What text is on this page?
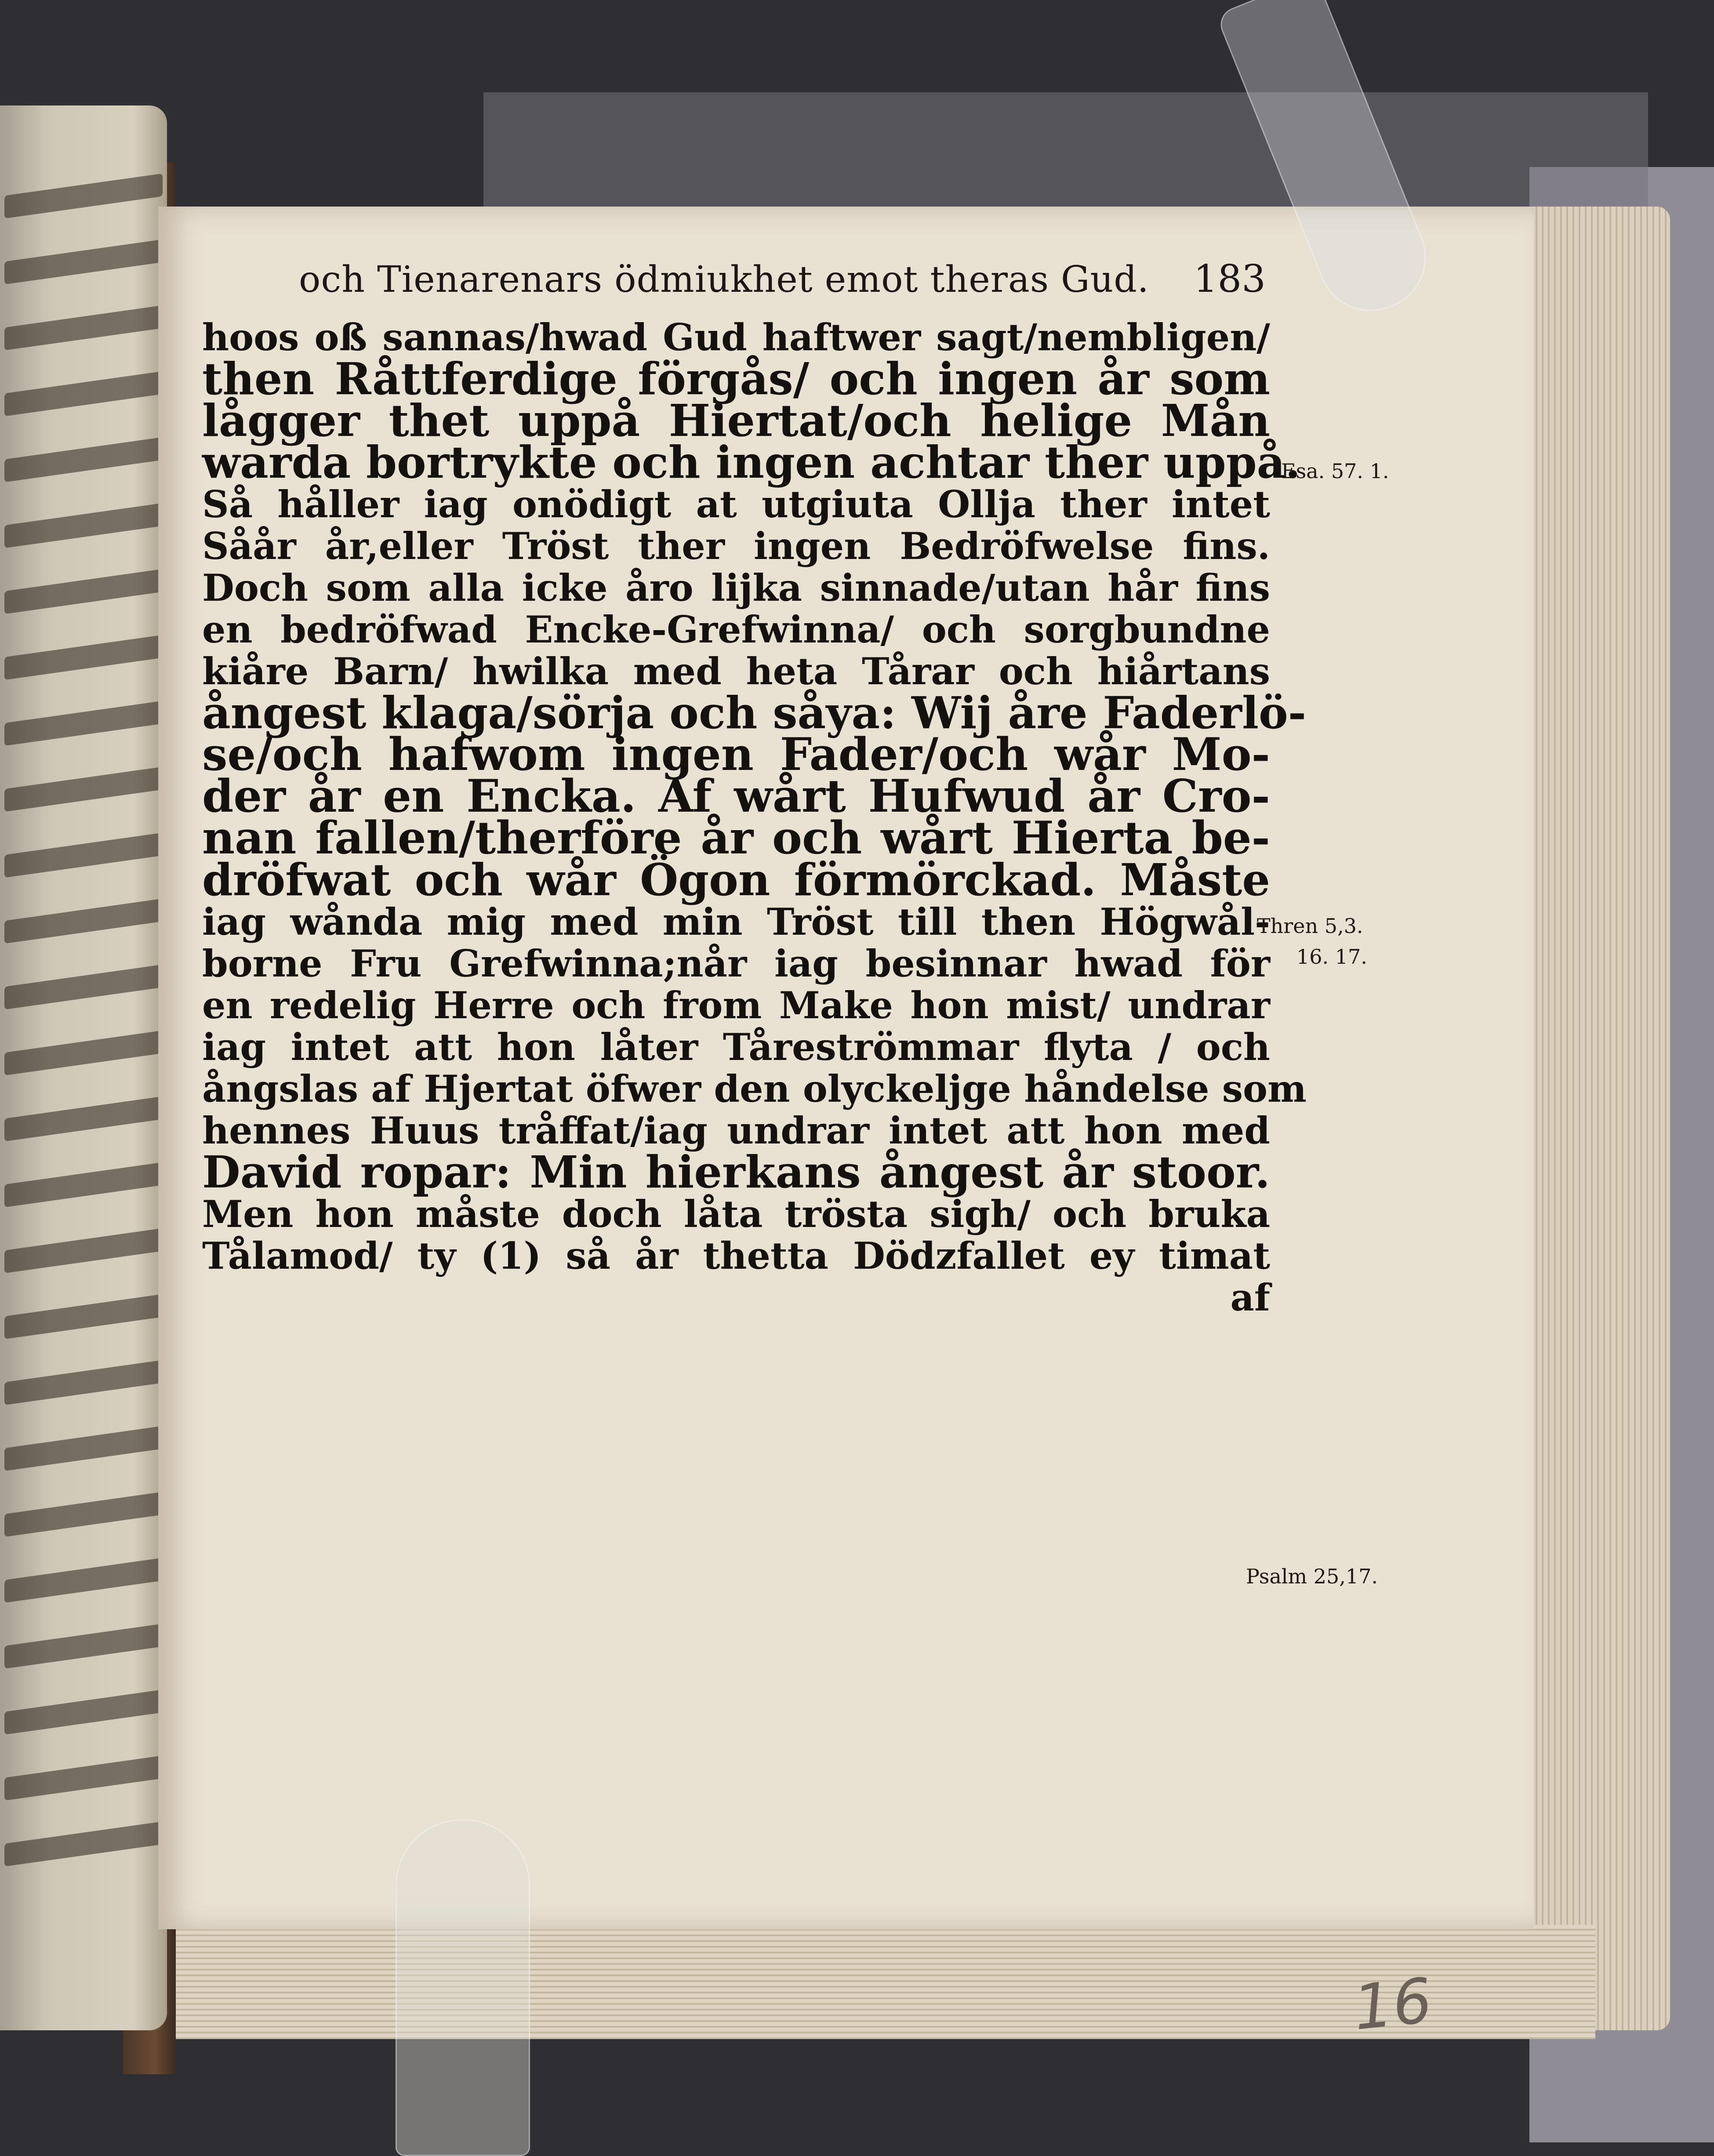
och Tienarenars ödmiukhet emot theras Gud. 183
hoos oß sannas/hwad Gud haftwer sagt/nembligen/
then Råttferdige förgås/ och ingen år som
lågger thet uppå Hiertat/och helige Mån
warda bortrykte och ingen achtar ther uppå.
Så håller iag onödigt at utgiuta Ollja ther intet
Såår år,eller Tröst ther ingen Bedröfwelse fins.
Doch som alla icke åro lijka sinnade/utan hår fins
en bedröfwad Encke-Grefwinna/ och sorgbundne
kiåre Barn/ hwilka med heta Tårar och hiårtans
ångest klaga/sörja och såya: Wij åre Faderlö-
se/och hafwom ingen Fader/och wår Mo-
der år en Encka. Af wårt Hufwud år Cro-
nan fallen/therföre år och wårt Hierta be-
dröfwat och wår Ögon förmörckad. Måste
iag wånda mig med min Tröst till then Högwål-
borne Fru Grefwinna;når iag besinnar hwad för
en redelig Herre och from Make hon mist/ undrar
iag intet att hon låter Tåreströmmar flyta / och
ångslas af Hjertat öfwer den olyckeljge håndelse som
hennes Huus tråffat/iag undrar intet att hon med
David ropar: Min hierkans ångest år stoor.
Men hon måste doch låta trösta sigh/ och bruka
Tålamod/ ty (1) så år thetta Dödzfallet ey timat
af
Esa. 57. 1.
Thren 5,3.
16. 17.
Psalm 25,17.
16
